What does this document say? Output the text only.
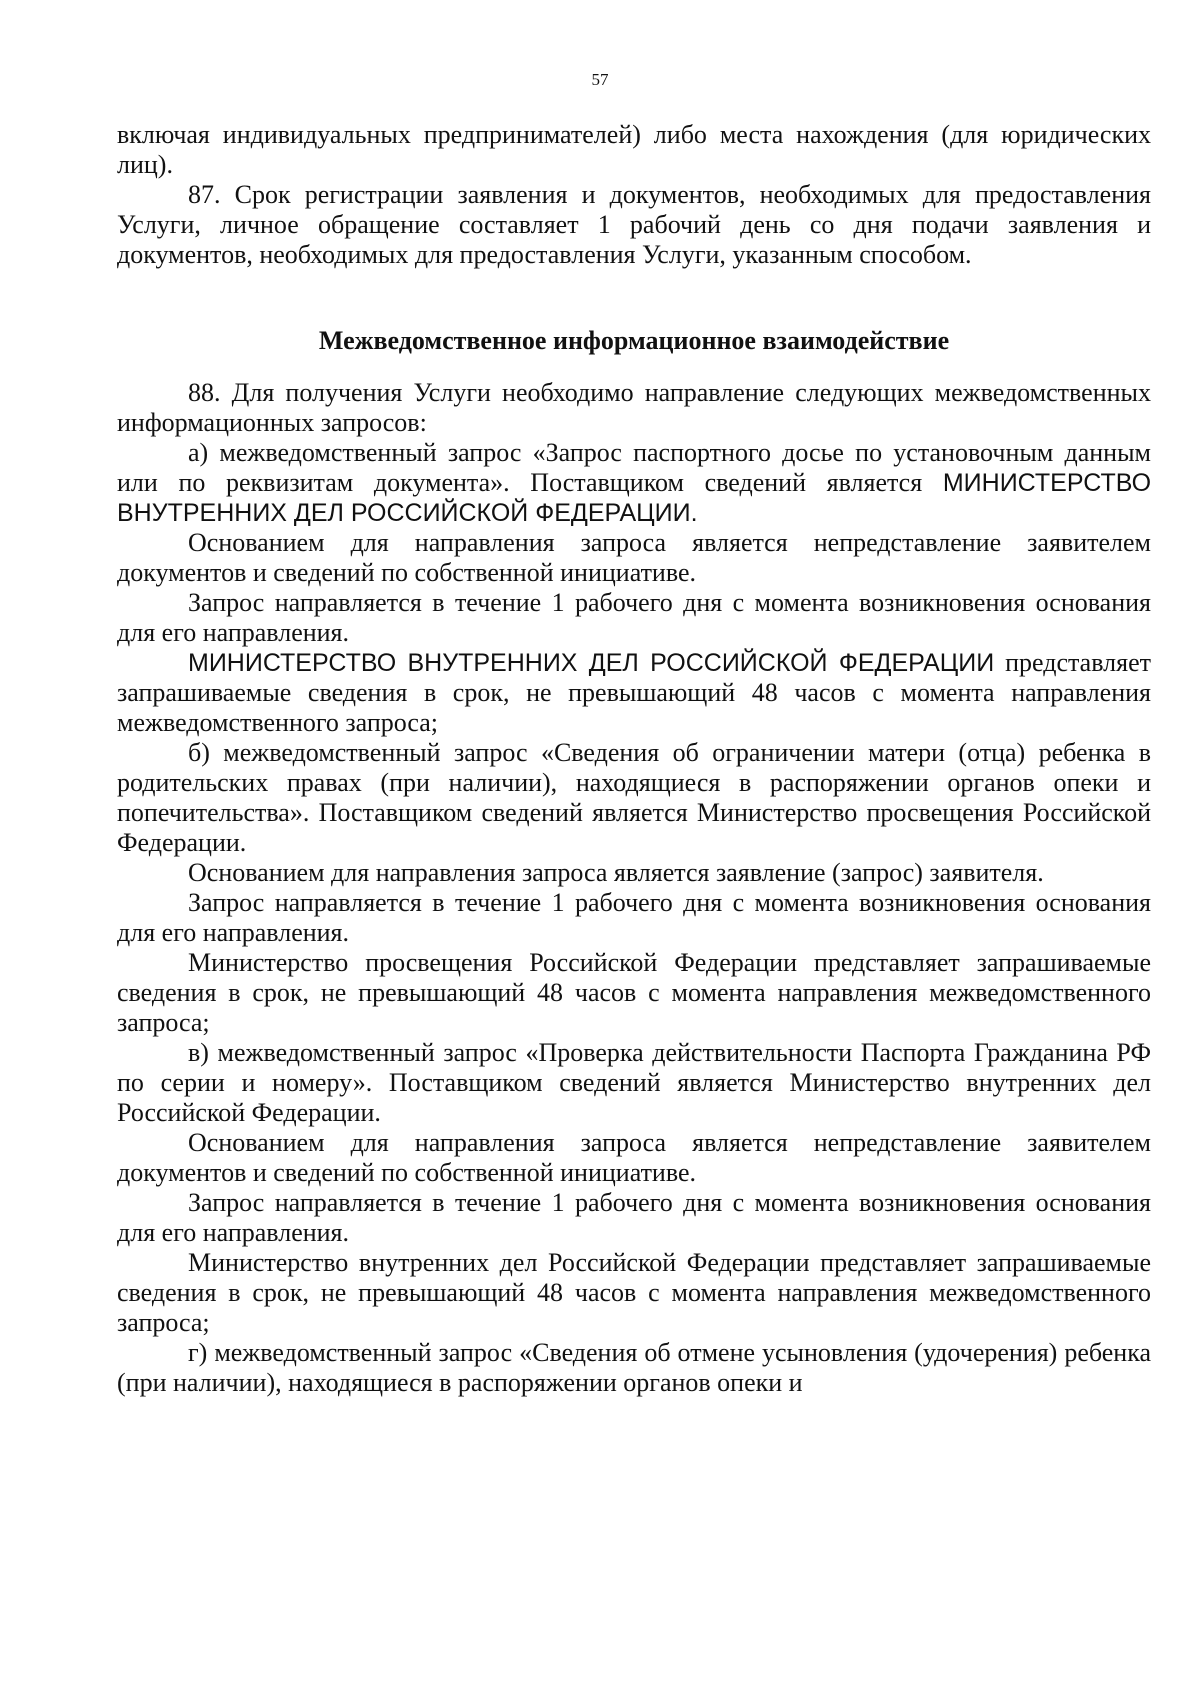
57

включая индивидуальных предпринимателей) либо места нахождения (для юридических лиц).

87. Срок регистрации заявления и документов, необходимых для предоставления Услуги, личное обращение составляет 1 рабочий день со дня подачи заявления и документов, необходимых для предоставления Услуги, указанным способом.

Межведомственное информационное взаимодействие

88. Для получения Услуги необходимо направление следующих межведомственных информационных запросов:

а) межведомственный запрос «Запрос паспортного досье по установочным данным или по реквизитам документа». Поставщиком сведений является МИНИСТЕРСТВО ВНУТРЕННИХ ДЕЛ РОССИЙСКОЙ ФЕДЕРАЦИИ.

Основанием для направления запроса является непредставление заявителем документов и сведений по собственной инициативе.

Запрос направляется в течение 1 рабочего дня с момента возникновения основания для его направления.

МИНИСТЕРСТВО ВНУТРЕННИХ ДЕЛ РОССИЙСКОЙ ФЕДЕРАЦИИ представляет запрашиваемые сведения в срок, не превышающий 48 часов с момента направления межведомственного запроса;

б) межведомственный запрос «Сведения об ограничении матери (отца) ребенка в родительских правах (при наличии), находящиеся в распоряжении органов опеки и попечительства». Поставщиком сведений является Министерство просвещения Российской Федерации.

Основанием для направления запроса является заявление (запрос) заявителя.

Запрос направляется в течение 1 рабочего дня с момента возникновения основания для его направления.

Министерство просвещения Российской Федерации представляет запрашиваемые сведения в срок, не превышающий 48 часов с момента направления межведомственного запроса;

в) межведомственный запрос «Проверка действительности Паспорта Гражданина РФ по серии и номеру». Поставщиком сведений является Министерство внутренних дел Российской Федерации.

Основанием для направления запроса является непредставление заявителем документов и сведений по собственной инициативе.

Запрос направляется в течение 1 рабочего дня с момента возникновения основания для его направления.

Министерство внутренних дел Российской Федерации представляет запрашиваемые сведения в срок, не превышающий 48 часов с момента направления межведомственного запроса;

г) межведомственный запрос «Сведения об отмене усыновления (удочерения) ребенка (при наличии), находящиеся в распоряжении органов опеки и
